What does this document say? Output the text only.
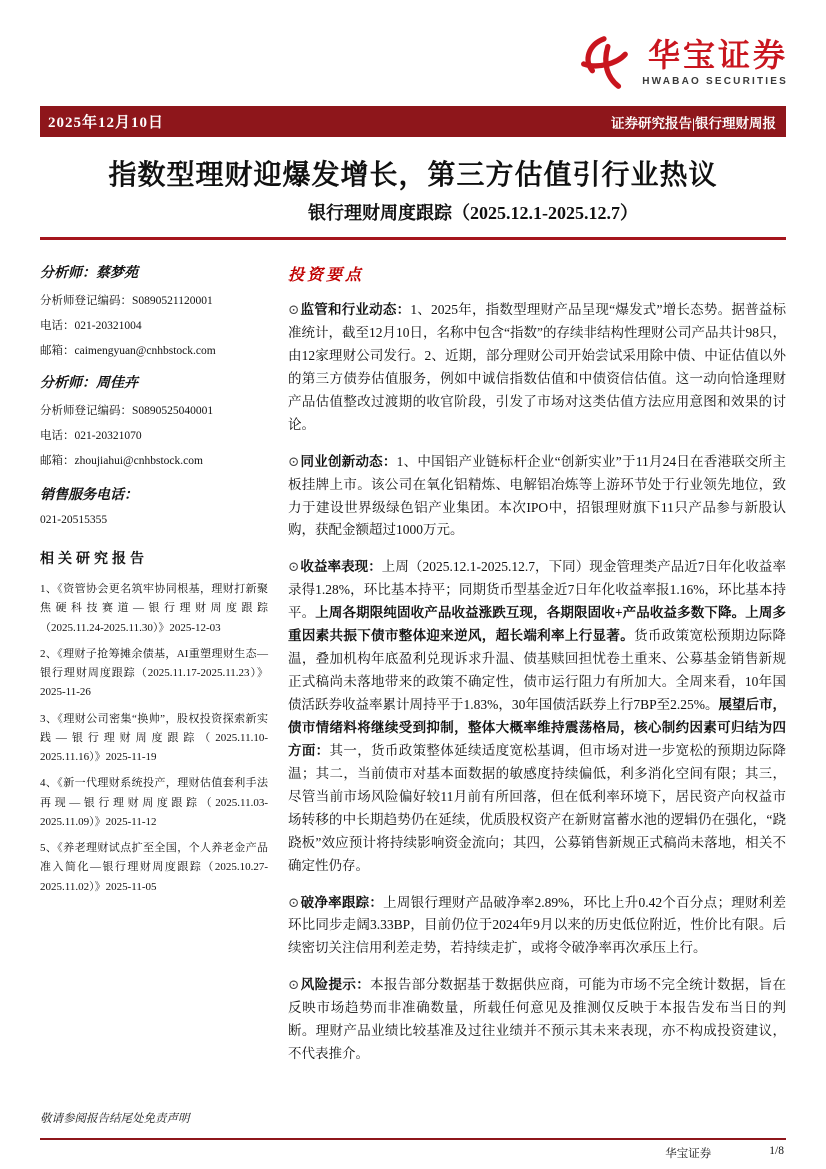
华宝证券
HWABAO SECURITIES
2025年12月10日	证券研究报告|银行理财周报
指数型理财迎爆发增长，第三方估值引行业热议
银行理财周度跟踪（2025.12.1-2025.12.7）
分析师：蔡梦苑
分析师登记编码：S0890521120001
电话：021-20321004
邮箱：caimengyuan@cnhbstock.com
分析师：周佳卉
分析师登记编码：S0890525040001
电话：021-20321070
邮箱：zhoujiahui@cnhbstock.com
销售服务电话：
021-20515355
相关研究报告
1、《资管协会更名筑牢协同根基，理财打新聚焦硬科技赛道—银行理财周度跟踪（2025.11.24-2025.11.30）》2025-12-03
2、《理财子抢筹摊余债基，AI重塑理财生态—银行理财周度跟踪（2025.11.17-2025.11.23）》2025-11-26
3、《理财公司密集“换帅”，股权投资探索新实践—银行理财周度跟踪（2025.11.10-2025.11.16）》2025-11-19
4、《新一代理财系统投产，理财估值套利手法再现—银行理财周度跟踪（2025.11.03-2025.11.09）》2025-11-12
5、《养老理财试点扩至全国，个人养老金产品准入简化—银行理财周度跟踪（2025.10.27-2025.11.02）》2025-11-05
投资要点

⊙监管和行业动态：1、2025年，指数型理财产品呈现“爆发式”增长态势。据普益标准统计，截至12月10日，名称中包含“指数”的存续非结构性理财公司产品共计98只，由12家理财公司发行。2、近期，部分理财公司开始尝试采用除中债、中证估值以外的第三方债券估值服务，例如中诚信指数估值和中债资信估值。这一动向恰逢理财产品估值整改过渡期的收官阶段，引发了市场对这类估值方法应用意图和效果的讨论。

⊙同业创新动态：1、中国铝产业链标杆企业“创新实业”于11月24日在香港联交所主板挂牌上市。该公司在氧化铝精炼、电解铝冶炼等上游环节处于行业领先地位，致力于建设世界级绿色铝产业集团。本次IPO中，招银理财旗下11只产品参与新股认购，获配金额超过1000万元。

⊙收益率表现：上周（2025.12.1-2025.12.7，下同）现金管理类产品近7日年化收益率录得1.28%，环比基本持平；同期货币型基金近7日年化收益率报1.16%，环比基本持平。上周各期限纯固收产品收益涨跌互现，各期限固收+产品收益多数下降。上周多重因素共振下债市整体迎来逆风，超长端利率上行显著。货币政策宽松预期边际降温，叠加机构年底盈利兑现诉求升温、债基赎回担忧卷土重来、公募基金销售新规正式稿尚未落地带来的政策不确定性，债市运行阻力有所加大。全周来看，10年国债活跃券收益率累计周持平于1.83%，30年国债活跃券上行7BP至2.25%。展望后市，债市情绪料将继续受到抑制，整体大概率维持震荡格局，核心制约因素可归结为四方面：其一，货币政策整体延续适度宽松基调，但市场对进一步宽松的预期边际降温；其二，当前债市对基本面数据的敏感度持续偏低，利多消化空间有限；其三，尽管当前市场风险偏好较11月前有所回落，但在低利率环境下，居民资产向权益市场转移的中长期趋势仍在延续，优质股权资产在新财富蓄水池的逻辑仍在强化，“跷跷板”效应预计将持续影响资金流向；其四，公募销售新规正式稿尚未落地，相关不确定性仍存。

⊙破净率跟踪：上周银行理财产品破净率2.89%，环比上升0.42个百分点；理财利差环比同步走阔3.33BP，目前仍位于2024年9月以来的历史低位附近，性价比有限。后续密切关注信用利差走势，若持续走扩，或将令破净率再次承压上行。

⊙风险提示：本报告部分数据基于数据供应商，可能为市场不完全统计数据，旨在反映市场趋势而非准确数量，所载任何意见及推测仅反映于本报告发布当日的判断。理财产品业绩比较基准及过往业绩并不预示其未来表现，亦不构成投资建议，不代表推介。

敬请参阅报告结尾处免责声明
华宝证券	1/8
